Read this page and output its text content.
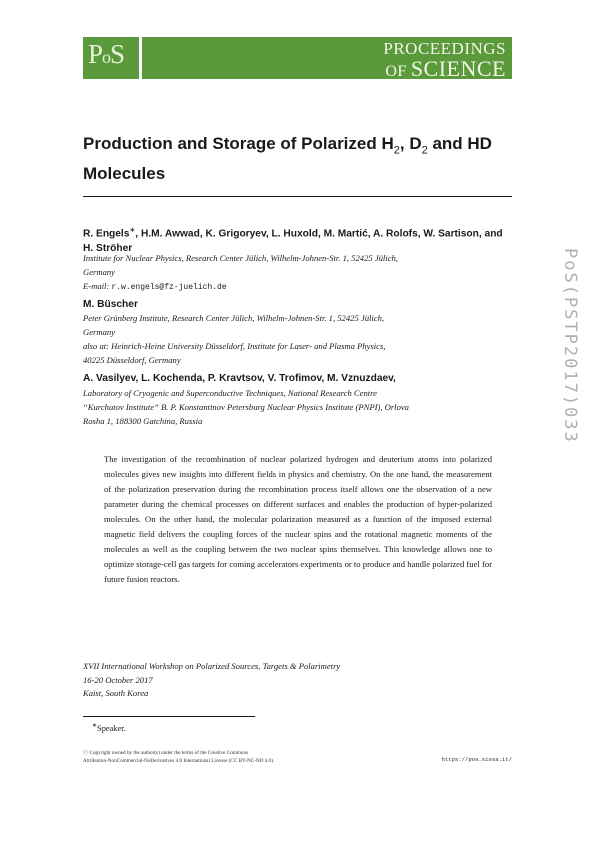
PoS	PROCEEDINGS
OF SCIENCE
Production and Storage of Polarized $H_2$, $D_2$ and HD Molecules
R. Engels∗, H.M. Awwad, K. Grigoryev, L. Huxold, M. Martić, A. Rolofs, W. Sartison, and H. Ströher
Institute for Nuclear Physics, Research Center Jülich, Wilhelm-Johnen-Str. 1, 52425 Jülich,
Germany
E-mail: r.w.engels@fz-juelich.de
M. Büscher
Peter Grünberg Institute, Research Center Jülich, Wilhelm-Johnen-Str. 1, 52425 Jülich,
Germany
also at: Heinrich-Heine University Düsseldorf, Institute for Laser- and Plasma Physics,
40225 Düsseldorf, Germany
A. Vasilyev, L. Kochenda, P. Kravtsov, V. Trofimov, M. Vznuzdaev,
Laboratory of Cryogenic and Superconductive Techniques, National Research Centre
“Kurchatov Institute” B. P. Konstantinov Petersburg Nuclear Physics Institute (PNPI), Orlova
Rosha 1, 188300 Gatchina, Russia
The investigation of the recombination of nuclear polarized hydrogen and deuterium atoms into polarized molecules gives new insights into different fields in physics and chemistry. On the one hand, the measurement of the polarization preservation during the recombination process itself allows one the observation of a new parameter during the chemical processes on different surfaces and enables the production of hyper-polarized molecules. On the other hand, the molecular polarization measured as a function of the imposed external magnetic field delivers the coupling forces of the nuclear spins and the rotational magnetic moments of the molecules as well as the coupling between the two nuclear spins themselves. This knowledge allows one to optimize storage-cell gas targets for coming accelerators experiments or to produce and handle polarized fuel for future fusion reactors.
XVII International Workshop on Polarized Sources, Targets & Polarimetry
16-20 October 2017
Kaist, South Korea
∗Speaker.
ⓒ Copyright owned by the author(s) under the terms of the Creative Commons
Attribution-NonCommercial-NoDerivatives 4.0 International License (CC BY-NC-ND 4.0).	https://pos.sissa.it/
PoS(PSTP2017)033
